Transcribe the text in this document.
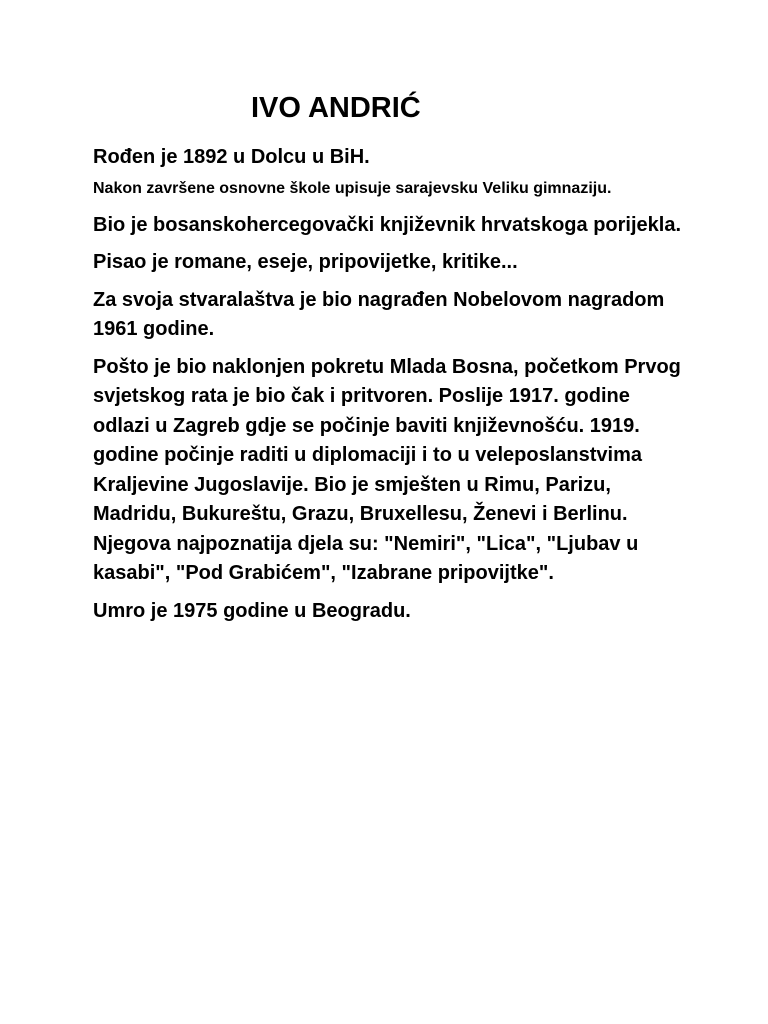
IVO ANDRIĆ

Rođen je 1892 u Dolcu u BiH.

Nakon završene osnovne škole upisuje sarajevsku Veliku gimnaziju.

Bio je bosanskohercegovački književnik hrvatskoga porijekla.

Pisao je romane, eseje, pripovijetke, kritike...

Za svoja stvaralaštva je bio nagrađen Nobelovom nagradom 1961 godine.

Pošto je bio naklonjen pokretu Mlada Bosna, početkom Prvog svjetskog rata je bio čak i pritvoren. Poslije 1917. godine odlazi u Zagreb gdje se počinje baviti književnošću. 1919. godine počinje raditi u diplomaciji i to u veleposlanstvima Kraljevine Jugoslavije. Bio je smješten u Rimu, Parizu, Madridu, Bukureštu, Grazu, Bruxellesu, Ženevi i Berlinu. Njegova najpoznatija djela su: "Nemiri", "Lica", "Ljubav u kasabi", "Pod Grabićem", "Izabrane pripovijtke".

Umro je 1975 godine u Beogradu.
